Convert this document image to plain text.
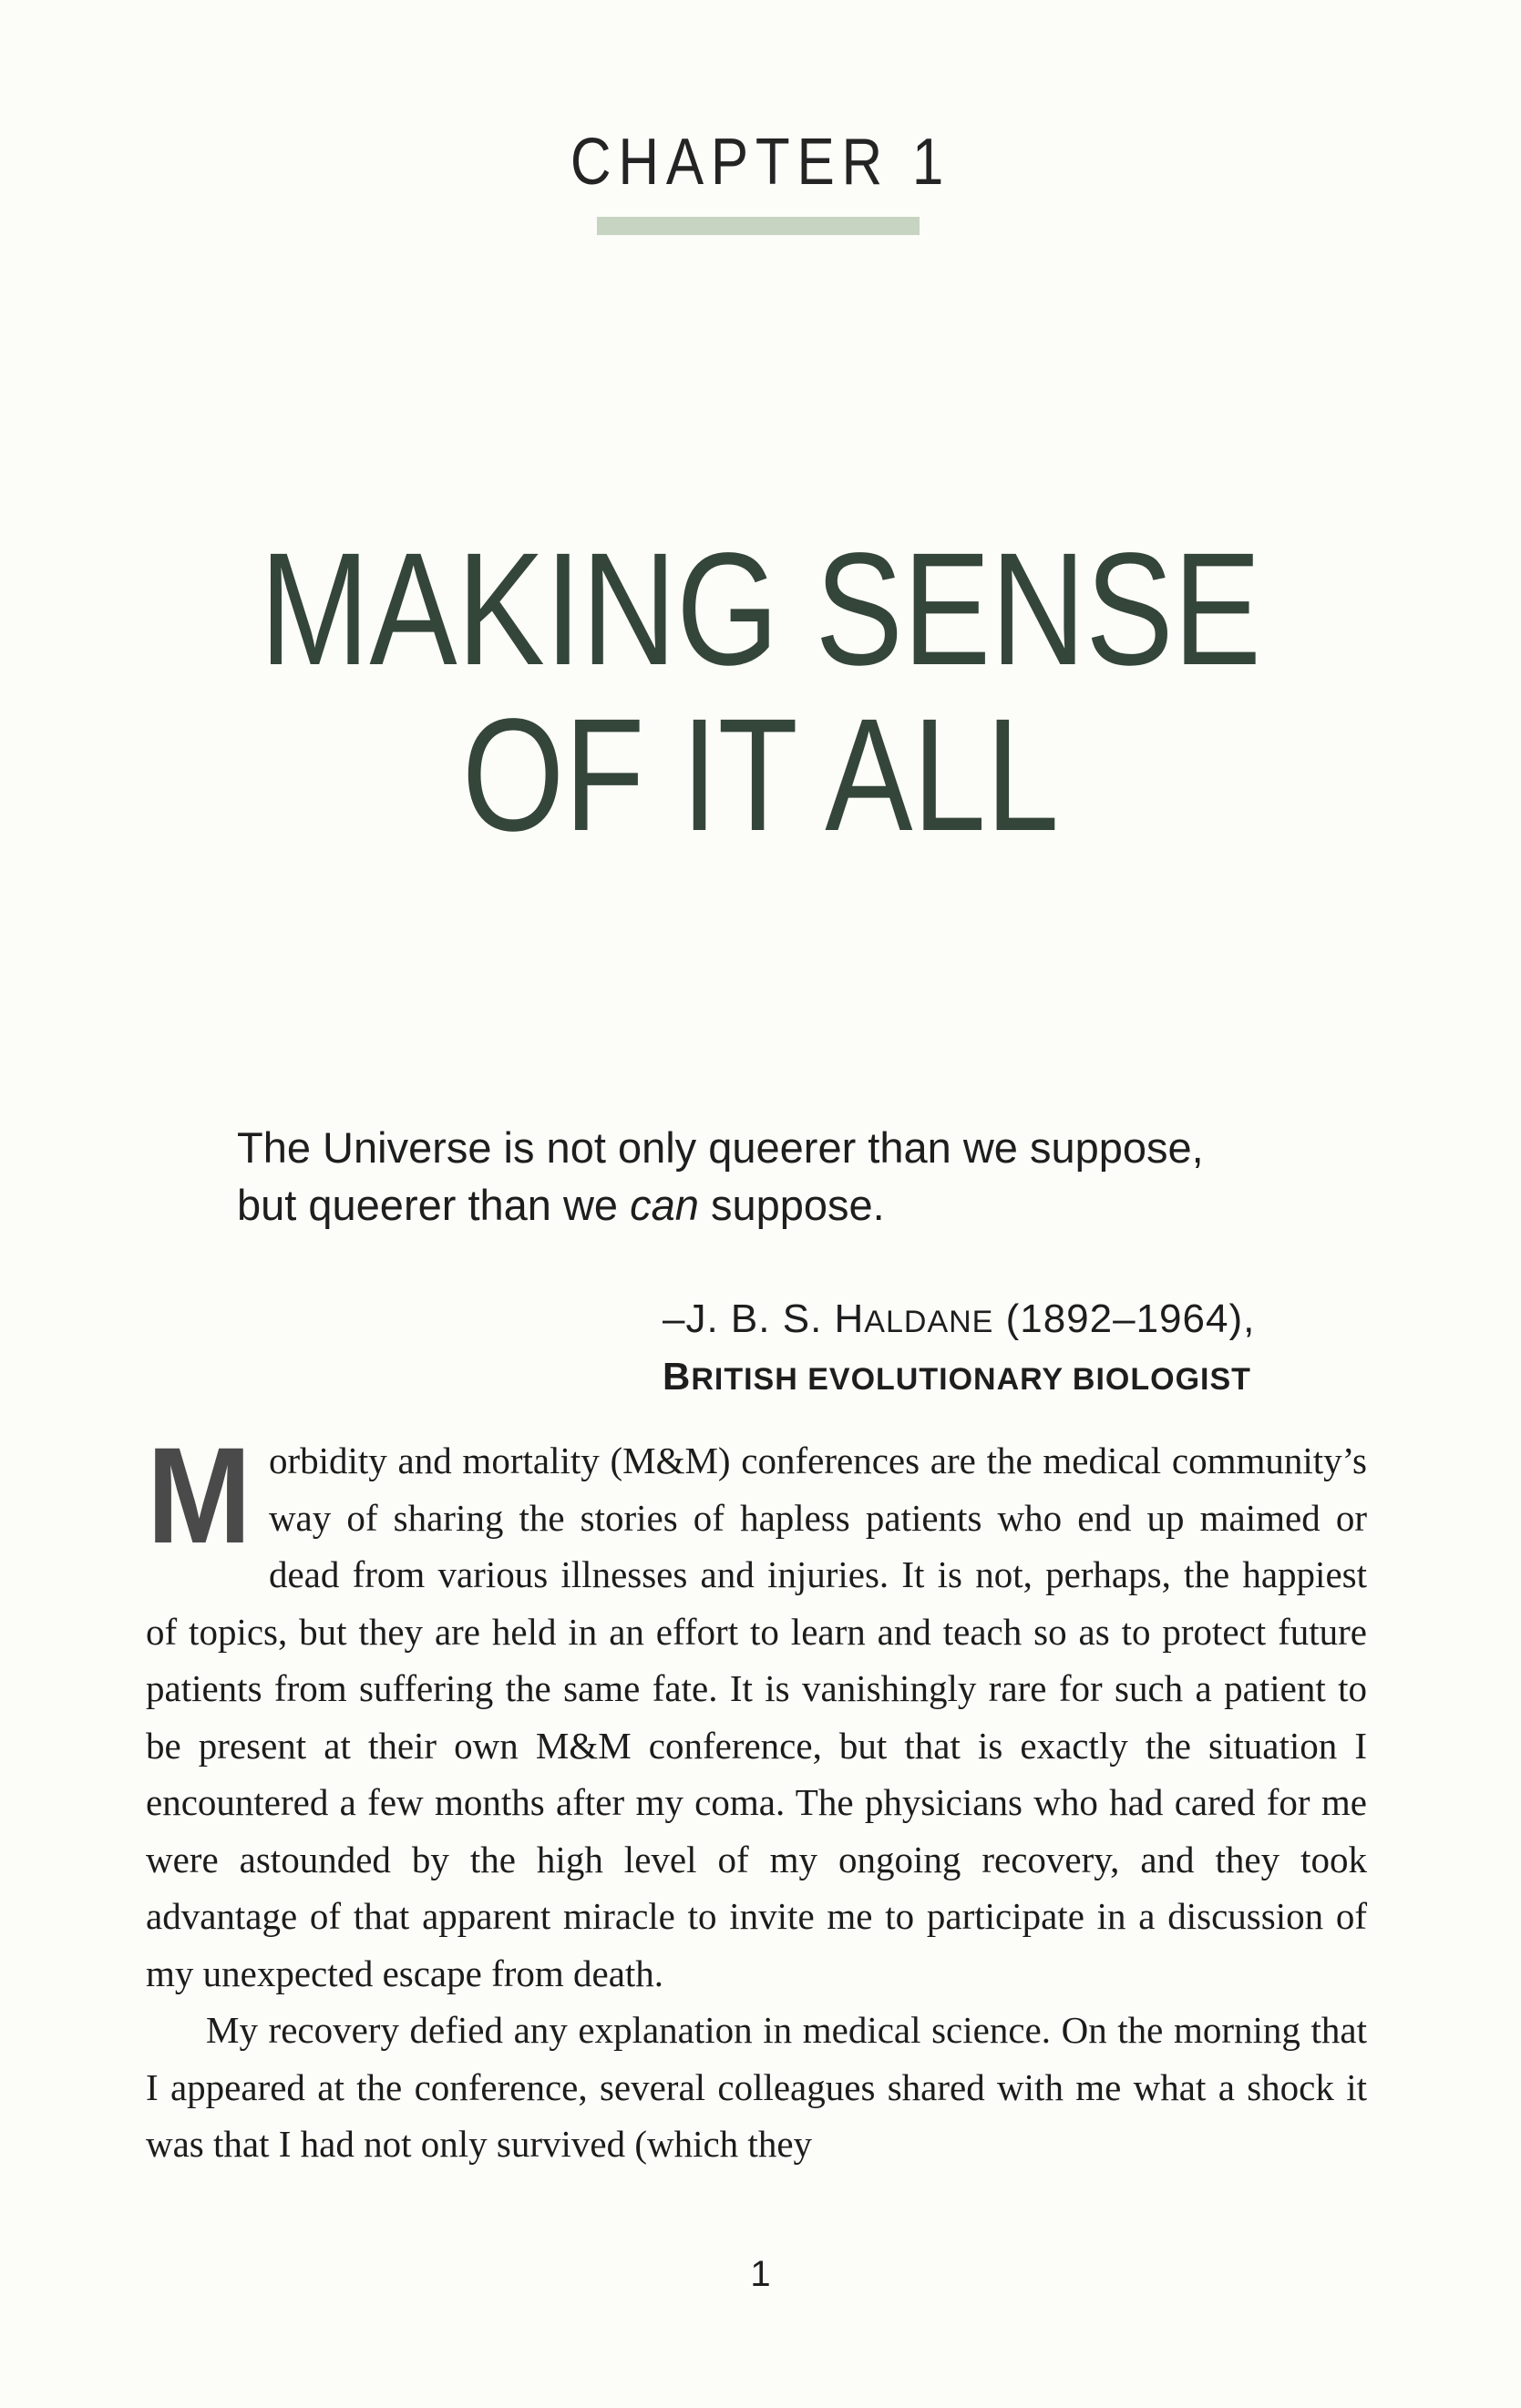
CHAPTER 1
MAKING SENSE
OF IT ALL
The Universe is not only queerer than we suppose,
but queerer than we can suppose.
–J. B. S. HALDANE (1892–1964),
BRITISH EVOLUTIONARY BIOLOGIST

Morbidity and mortality (M&M) conferences are the medical community’s way of sharing the stories of hapless patients who end up maimed or dead from various illnesses and injuries. It is not, perhaps, the happiest of topics, but they are held in an effort to learn and teach so as to protect future patients from suffering the same fate. It is vanishingly rare for such a patient to be present at their own M&M conference, but that is exactly the situation I encountered a few months after my coma. The physicians who had cared for me were astounded by the high level of my ongoing recovery, and they took advantage of that apparent miracle to invite me to participate in a discussion of my unexpected escape from death.

My recovery defied any explanation in medical science. On the morning that I appeared at the conference, several colleagues shared with me what a shock it was that I had not only survived (which they

1
